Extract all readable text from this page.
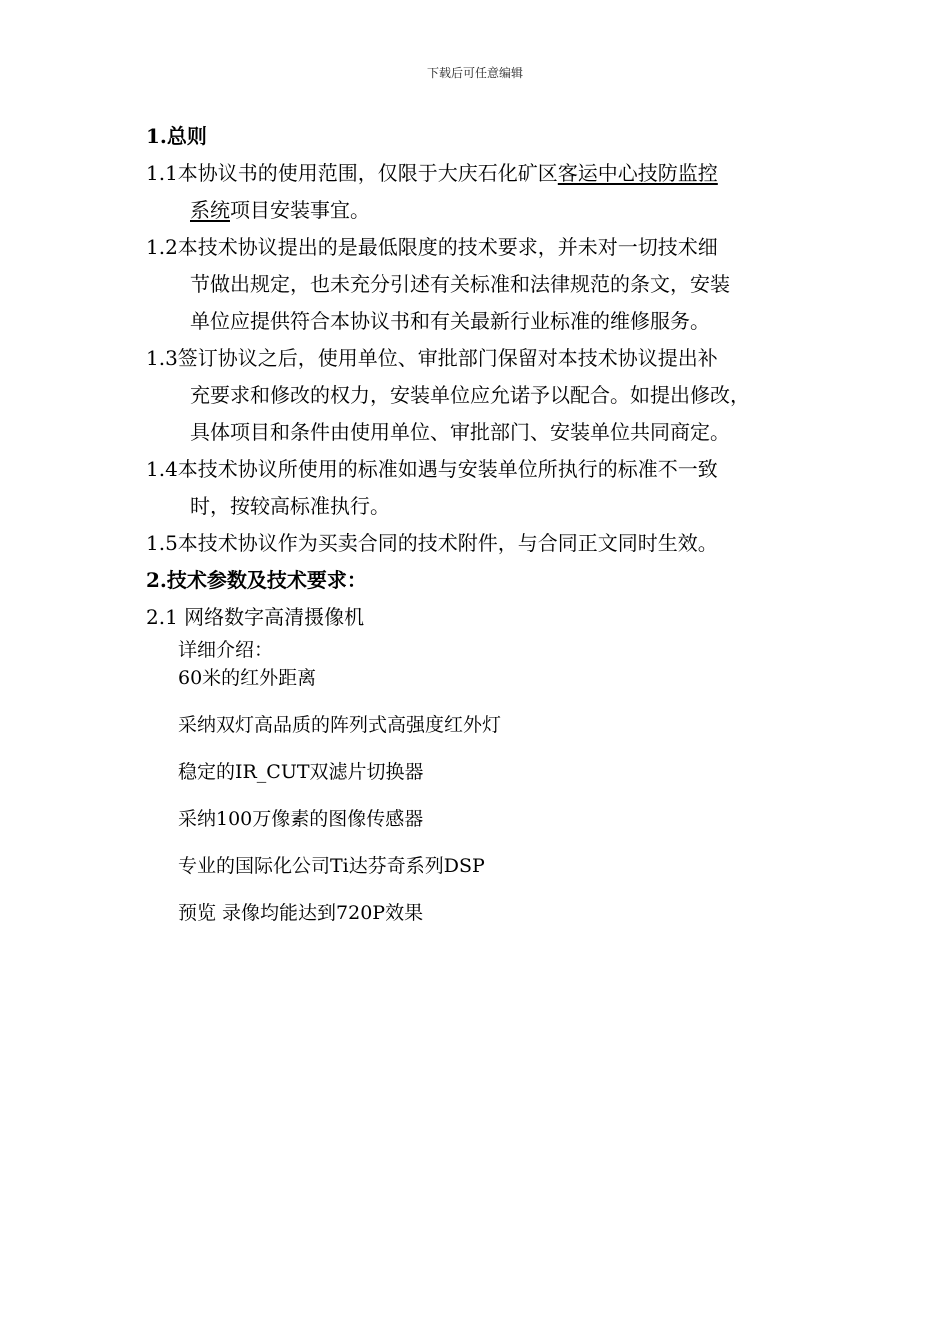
下载后可任意编辑
1.总则
1.1本协议书的使用范围，仅限于大庆石化矿区客运中心技防监控
系统项目安装事宜。
1.2本技术协议提出的是最低限度的技术要求，并未对一切技术细
节做出规定，也未充分引述有关标准和法律规范的条文，安装
单位应提供符合本协议书和有关最新行业标准的维修服务。
1.3签订协议之后，使用单位、审批部门保留对本技术协议提出补
充要求和修改的权力，安装单位应允诺予以配合。如提出修改，
具体项目和条件由使用单位、审批部门、安装单位共同商定。
1.4本技术协议所使用的标准如遇与安装单位所执行的标准不一致
时，按较高标准执行。
1.5本技术协议作为买卖合同的技术附件，与合同正文同时生效。
2.技术参数及技术要求：
2.1 网络数字高清摄像机
详细介绍：
60米的红外距离
采纳双灯高品质的阵列式高强度红外灯
稳定的IR_CUT双滤片切换器
采纳100万像素的图像传感器
专业的国际化公司Ti达芬奇系列DSP
预览 录像均能达到720P效果
